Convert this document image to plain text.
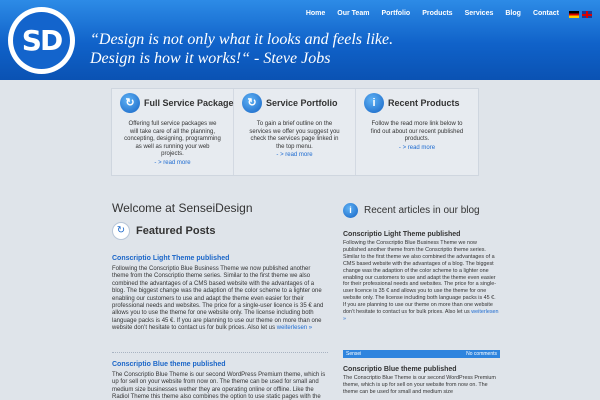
SD	“Design is not only what it looks and feels like. Design is how it works!“ - Steve Jobs
Home	Our Team	Portfolio	Products	Services	Blog	Contact
↻	Full Service Package
Offering full service packages we will take care of all the planning, concepting, designing, programming as well as running your web projects.
- > read more
↻	Service Portfolio
To gain a brief outline on the services we offer you suggest you check the services page linked in the top menu.
- > read more
i	Recent Products
Follow the read more link below to find out about our recent published products.
- > read more
Welcome at SenseiDesign
↻ Featured Posts
Conscriptio Light Theme published
Following the Conscriptio Blue Business Theme we now published another theme from the Conscriptio theme series. Similar to the first theme we also combined the advantages of a CMS based website with the advantages of a blog. The biggest change was the adaption of the color scheme to a lighter one enabling our customers to use and adapt the theme even easier for their professional needs and websites. The price for a single-user licence is 35 € and allows you to use the theme for one website only. The license including both language packs is 45 €. If you are planning to use our theme on more than one website don’t hesitate to contact us for bulk prices. Also let us weiterlesen »
Conscriptio Blue theme published
The Conscriptio Blue Theme is our second WordPress Premium theme, which is up for sell on your website from now on. The theme can be used for small and medium size businesses wether they are operating online or offline. Like the Radiol Theme this theme also combines the option to use static pages with the
i	Recent articles in our blog
Conscriptio Light Theme published
Following the Conscriptio Blue Business Theme we now published another theme from the Conscriptio theme series. Similar to the first theme we also combined the advantages of a CMS based website with the advantages of a blog. The biggest change was the adaption of the color scheme to a lighter one enabling our customers to use and adapt the theme even easier for their professional needs and websites. The price for a single-user licence is 35 € and allows you to use the theme for one website only. The license including both language packs is 45 €. If you are planning to use our theme on more than one website don’t hesitate to contact us for bulk prices. Also let us weiterlesen »
Sensei	No comments
Conscriptio Blue theme published
The Conscriptio Blue Theme is our second WordPress Premium theme, which is up for sell on your website from now on. The theme can be used for small and medium size
